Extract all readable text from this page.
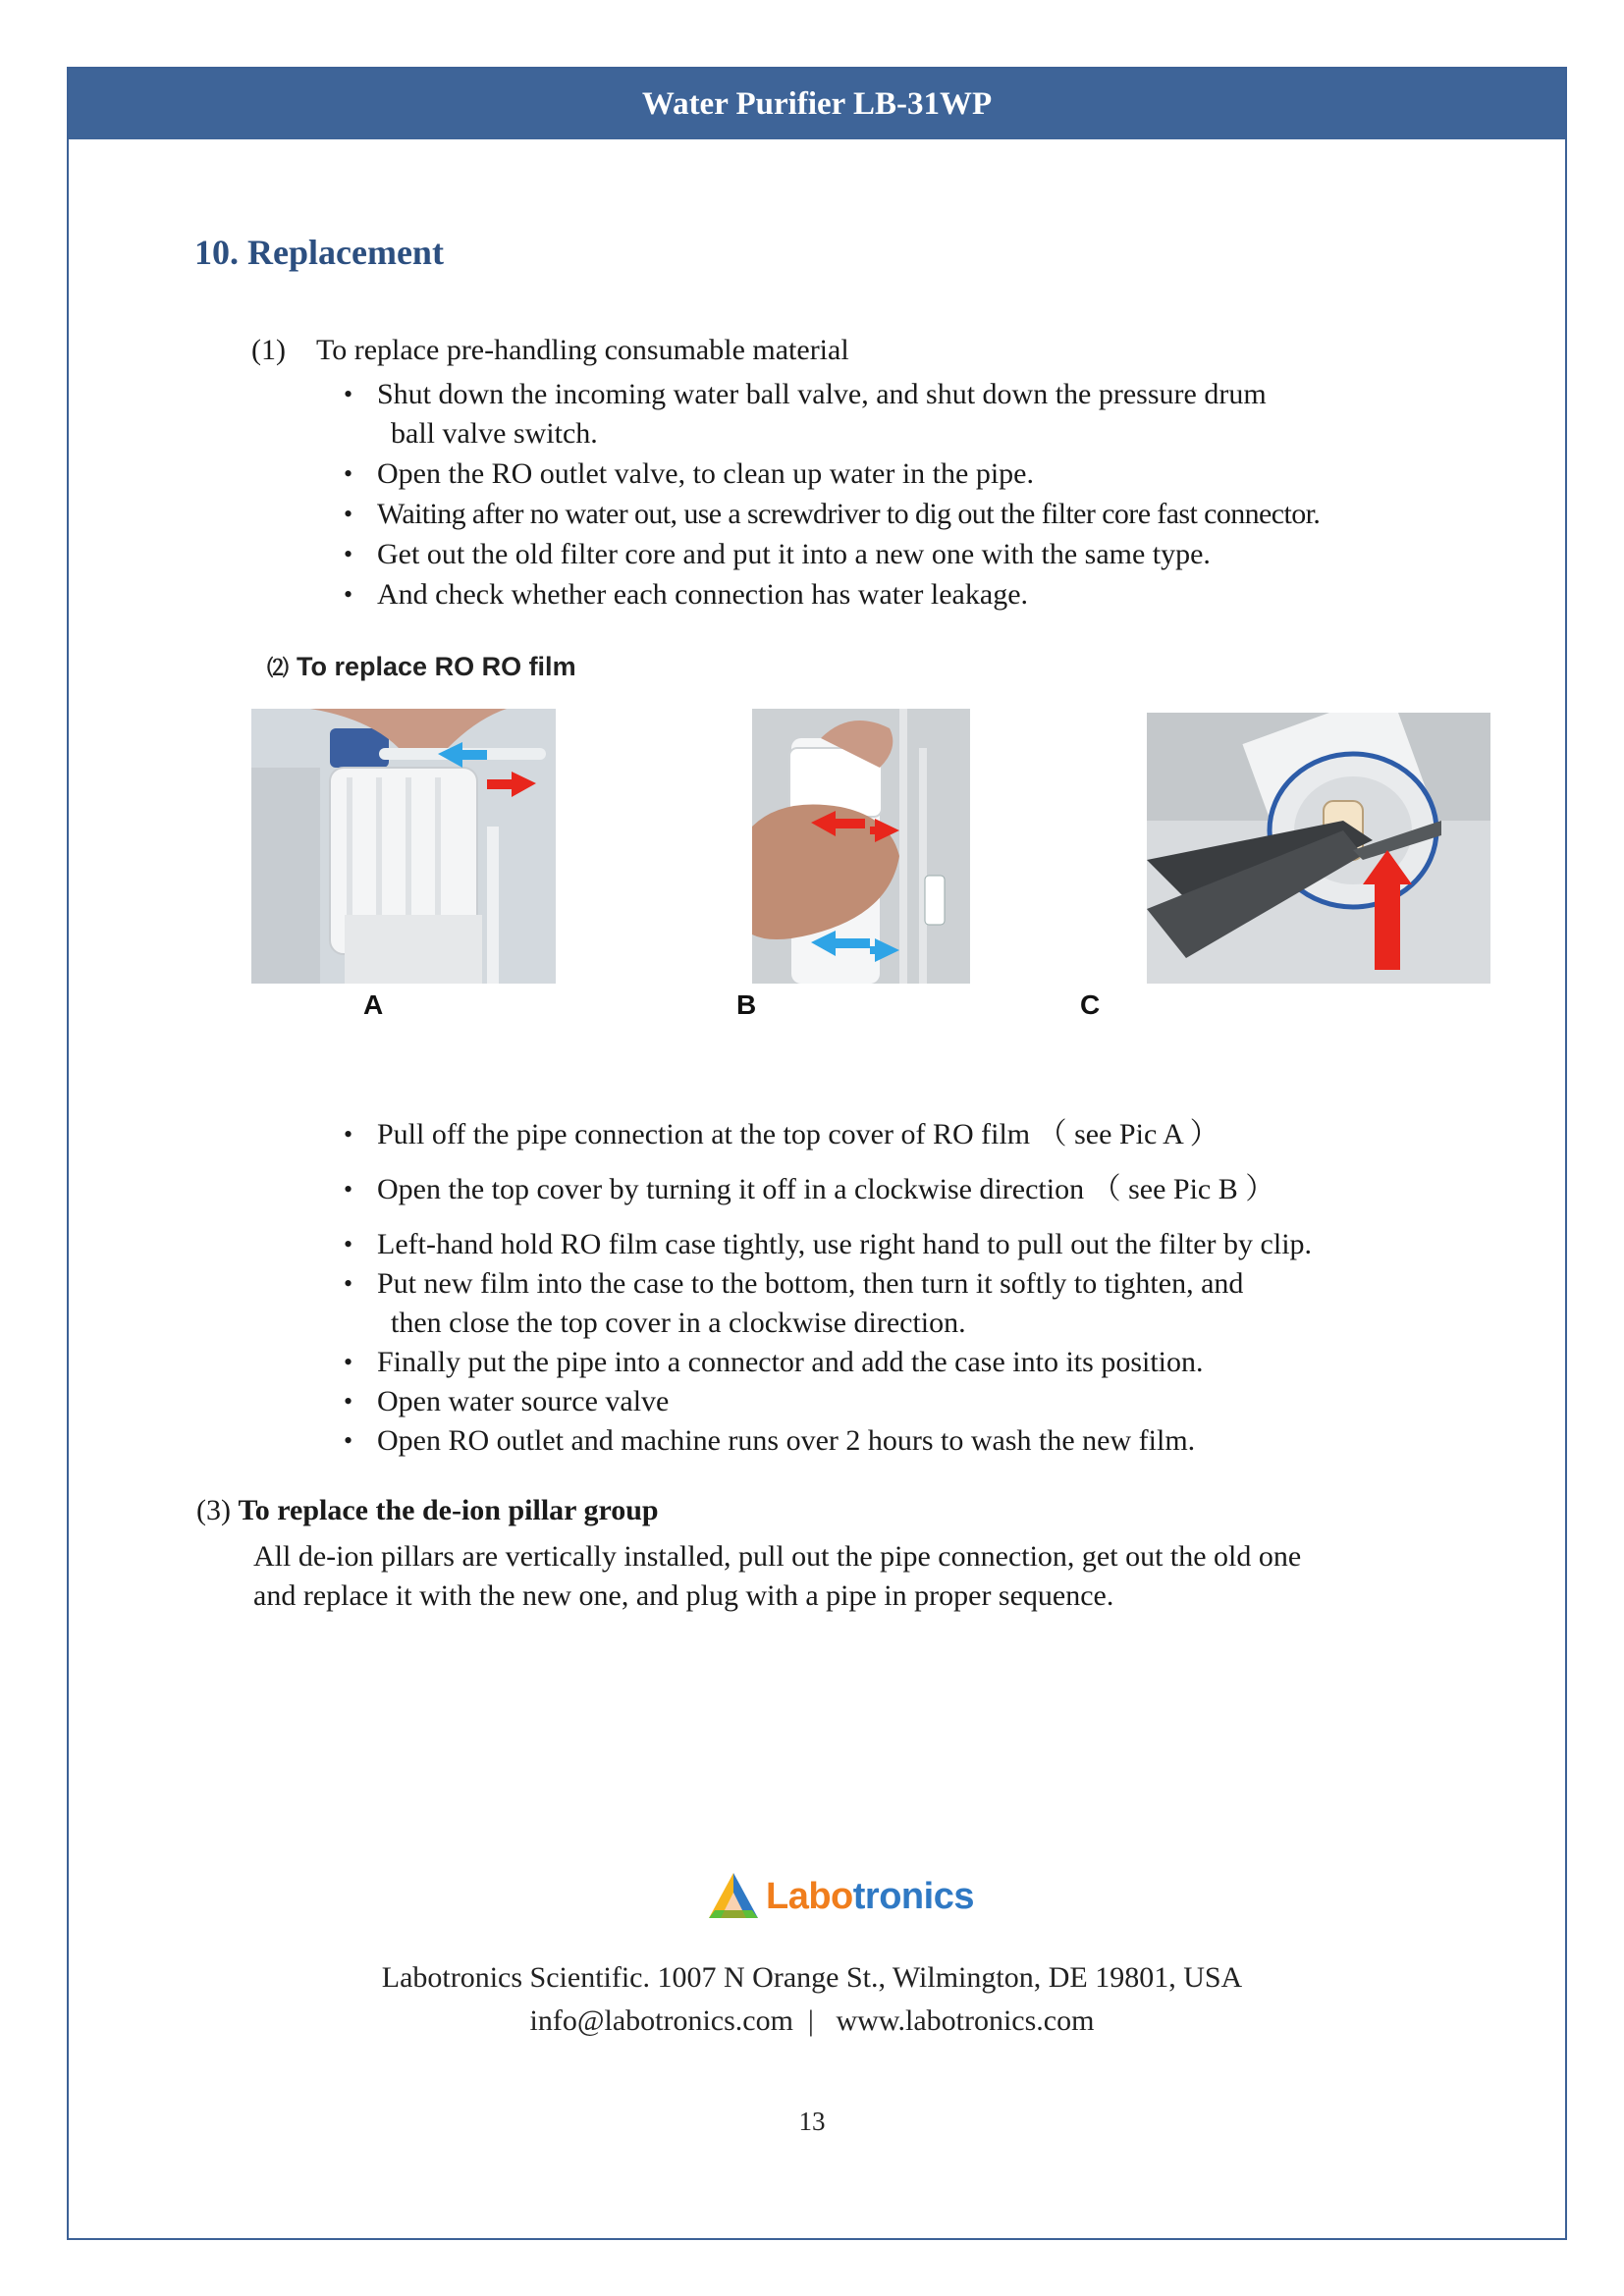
Water Purifier LB-31WP
10. Replacement
(1) To replace pre-handling consumable material
• Shut down the incoming water ball valve, and shut down the pressure drum
ball valve switch.
• Open the RO outlet valve, to clean up water in the pipe.
• Waiting after no water out, use a screwdriver to dig out the filter core fast connector.
• Get out the old filter core and put it into a new one with the same type.
• And check whether each connection has water leakage.
⑵ To replace RO RO film
A	B	C
• Pull off the pipe connection at the top cover of RO film （ see Pic A ）
• Open the top cover by turning it off in a clockwise direction （ see Pic B ）
• Left-hand hold RO film case tightly, use right hand to pull out the filter by clip.
• Put new film into the case to the bottom, then turn it softly to tighten, and
then close the top cover in a clockwise direction.
• Finally put the pipe into a connector and add the case into its position.
• Open water source valve
• Open RO outlet and machine runs over 2 hours to wash the new film.
(3) To replace the de-ion pillar group
All de-ion pillars are vertically installed, pull out the pipe connection, get out the old one
and replace it with the new one, and plug with a pipe in proper sequence.
Labotronics
Labotronics Scientific. 1007 N Orange St., Wilmington, DE 19801, USA
info@labotronics.com  |   www.labotronics.com
13
